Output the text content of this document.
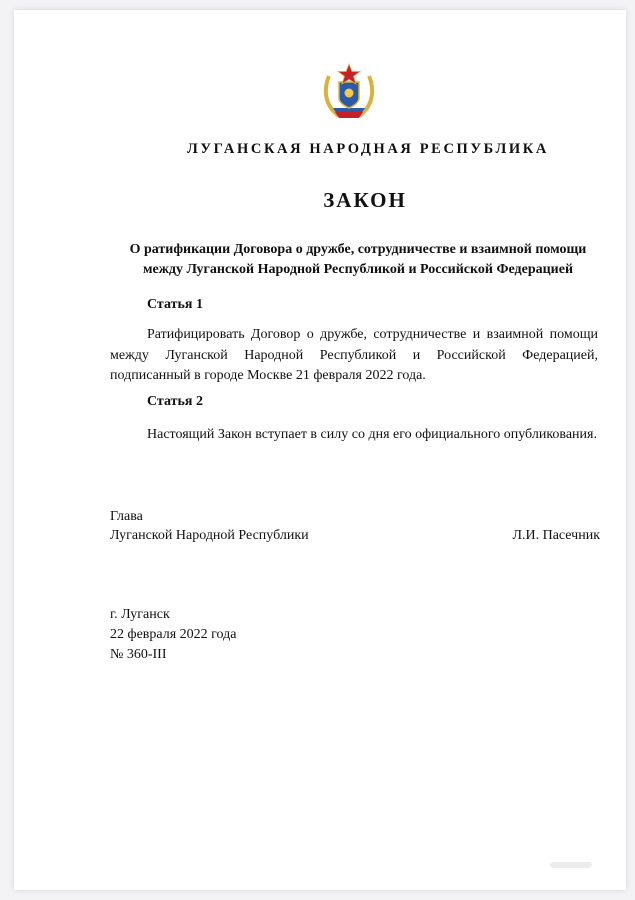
ЛУГАНСКАЯ НАРОДНАЯ РЕСПУБЛИКА
ЗАКОН
О ратификации Договора о дружбе, сотрудничестве и взаимной помощи
между Луганской Народной Республикой и Российской Федерацией
Статья 1
Ратифицировать Договор о дружбе, сотрудничестве и взаимной помощи между Луганской Народной Республикой и Российской Федерацией, подписанный в городе Москве 21 февраля 2022 года.
Статья 2
Настоящий Закон вступает в силу со дня его официального опубликования.
Глава
Луганской Народной Республики	Л.И. Пасечник
г. Луганск
22 февраля 2022 года
№ 360-III
